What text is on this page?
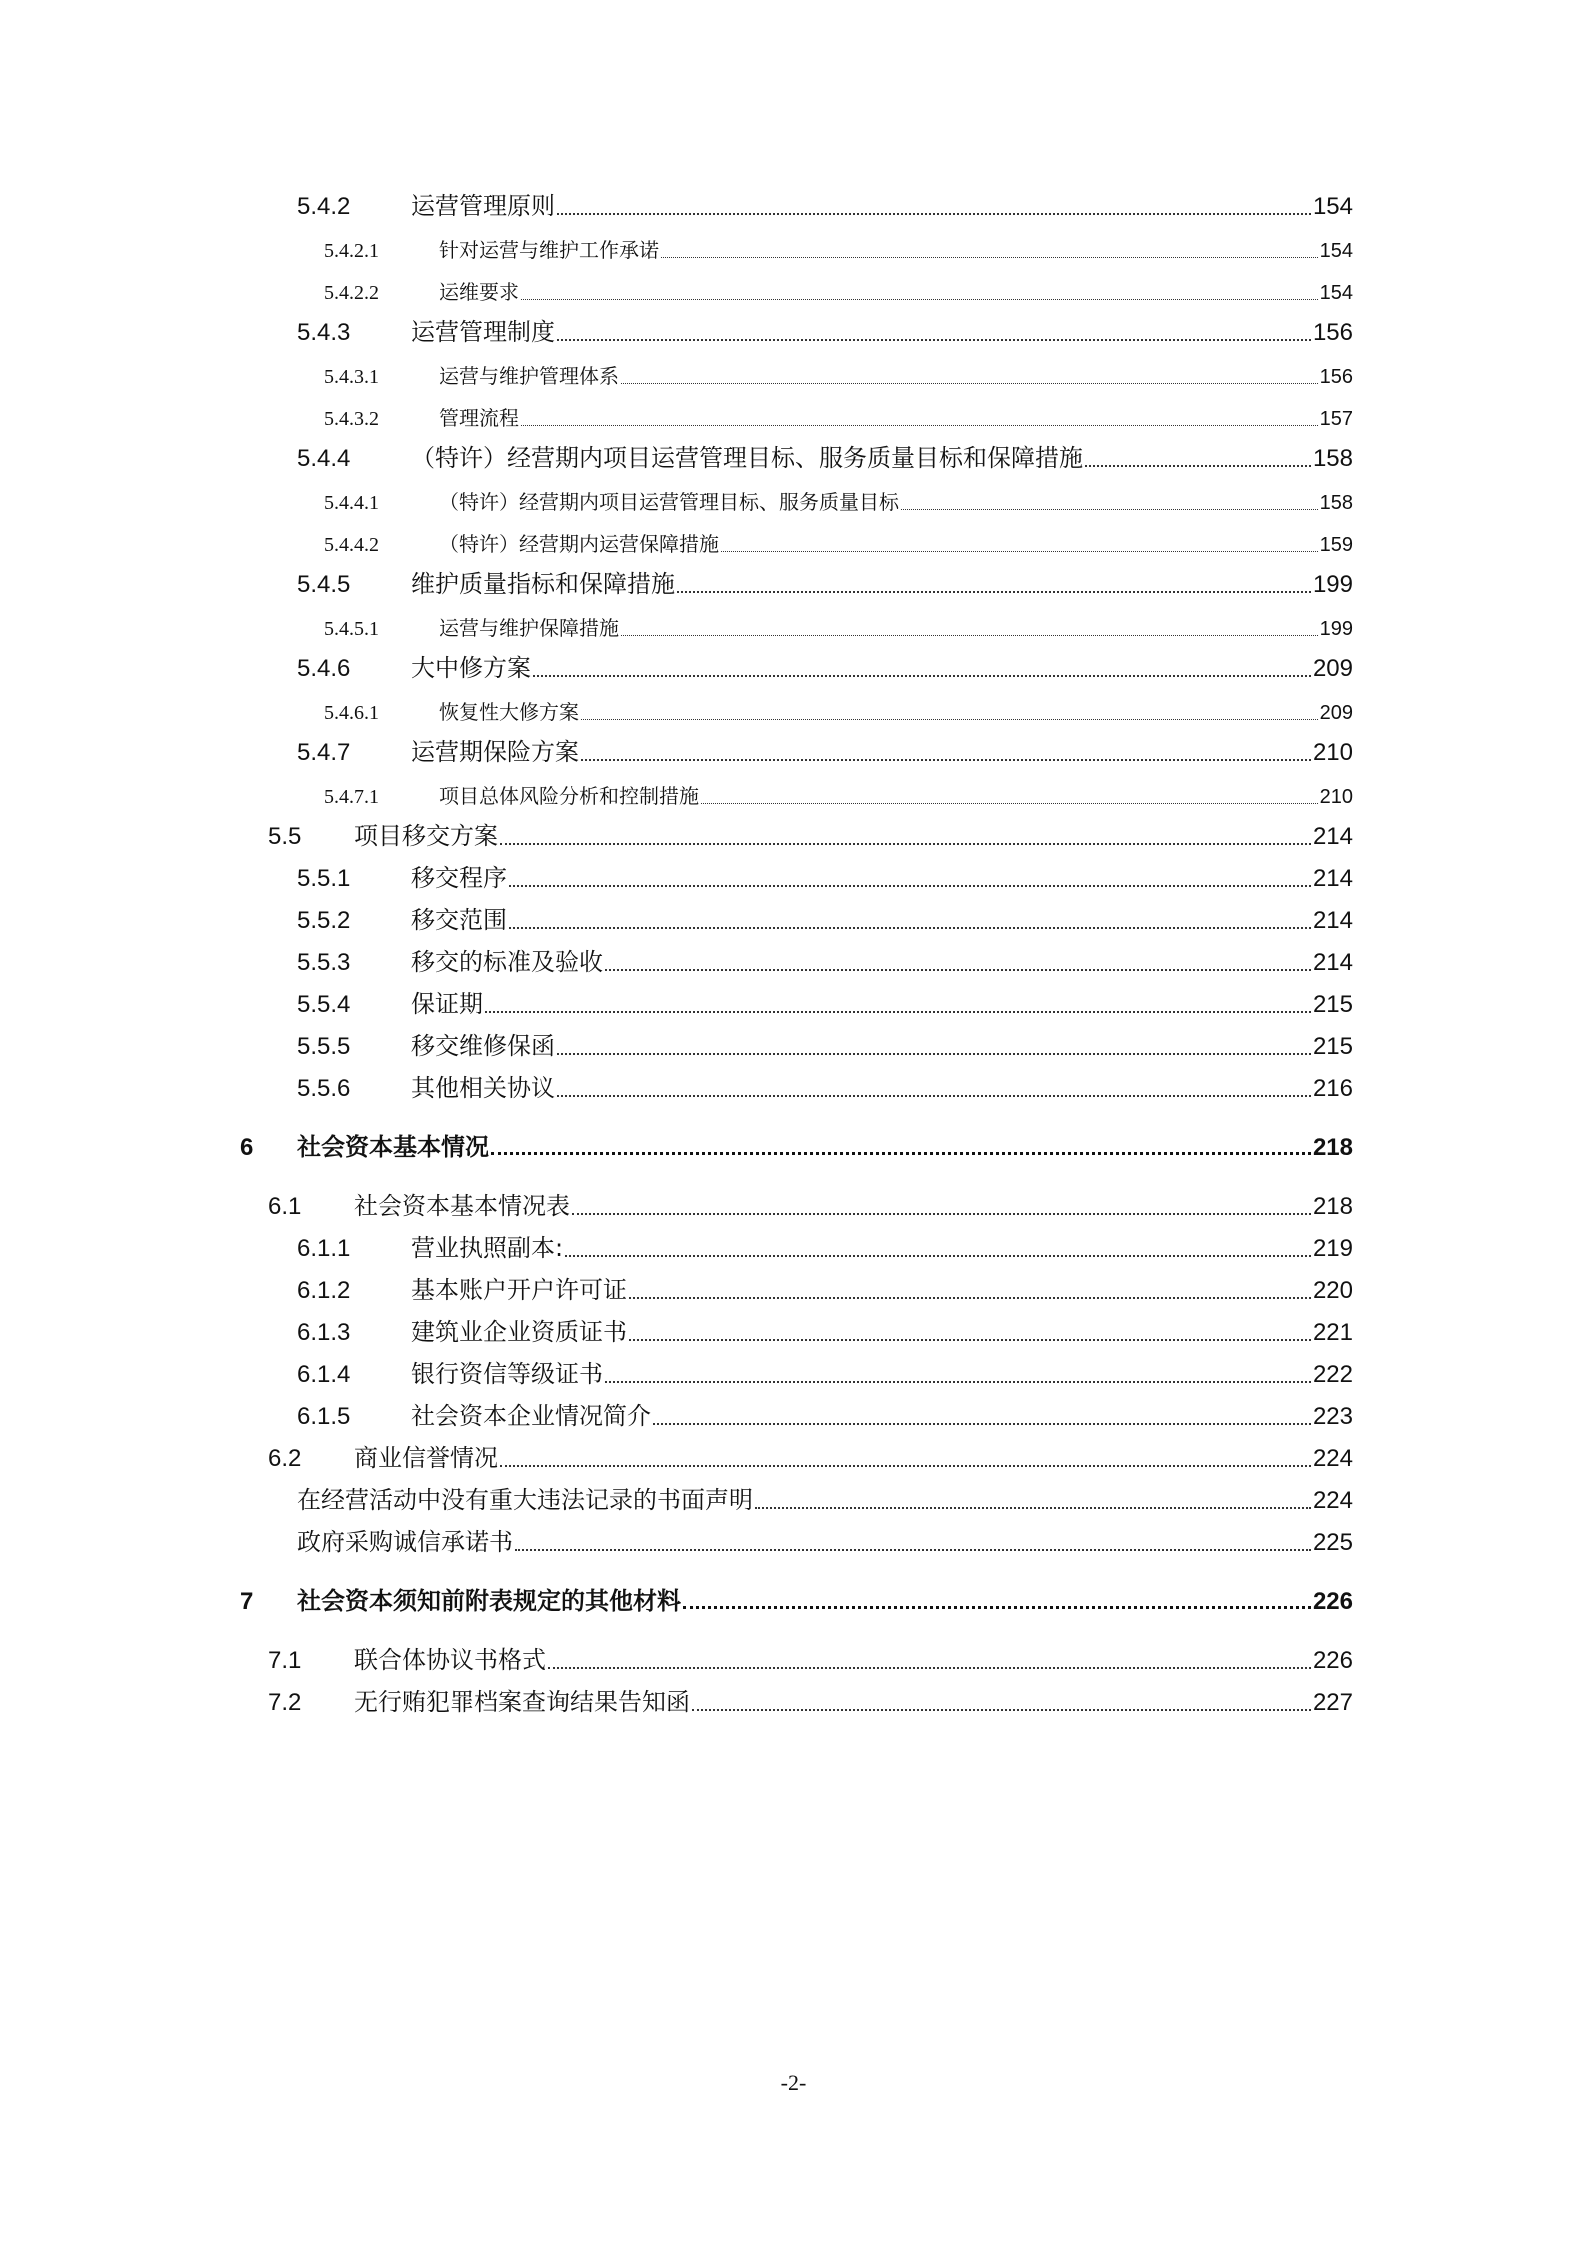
5.4.2	运营管理原则	154
5.4.2.1	针对运营与维护工作承诺	154
5.4.2.2	运维要求	154
5.4.3	运营管理制度	156
5.4.3.1	运营与维护管理体系	156
5.4.3.2	管理流程	157
5.4.4	（特许）经营期内项目运营管理目标、服务质量目标和保障措施	158
5.4.4.1	（特许）经营期内项目运营管理目标、服务质量目标	158
5.4.4.2	（特许）经营期内运营保障措施	159
5.4.5	维护质量指标和保障措施	199
5.4.5.1	运营与维护保障措施	199
5.4.6	大中修方案	209
5.4.6.1	恢复性大修方案	209
5.4.7	运营期保险方案	210
5.4.7.1	项目总体风险分析和控制措施	210
5.5 项目移交方案	214
5.5.1	移交程序	214
5.5.2	移交范围	214
5.5.3	移交的标准及验收	214
5.5.4	保证期	215
5.5.5	移交维修保函	215
5.5.6	其他相关协议	216
6 社会资本基本情况	218
6.1 社会资本基本情况表	218
6.1.1	营业执照副本:	219
6.1.2	基本账户开户许可证	220
6.1.3	建筑业企业资质证书	221
6.1.4	银行资信等级证书	222
6.1.5	社会资本企业情况简介	223
6.2 商业信誉情况	224
在经营活动中没有重大违法记录的书面声明	224
政府采购诚信承诺书	225
7 社会资本须知前附表规定的其他材料	226
7.1 联合体协议书格式	226
7.2 无行贿犯罪档案查询结果告知函	227
-2-
